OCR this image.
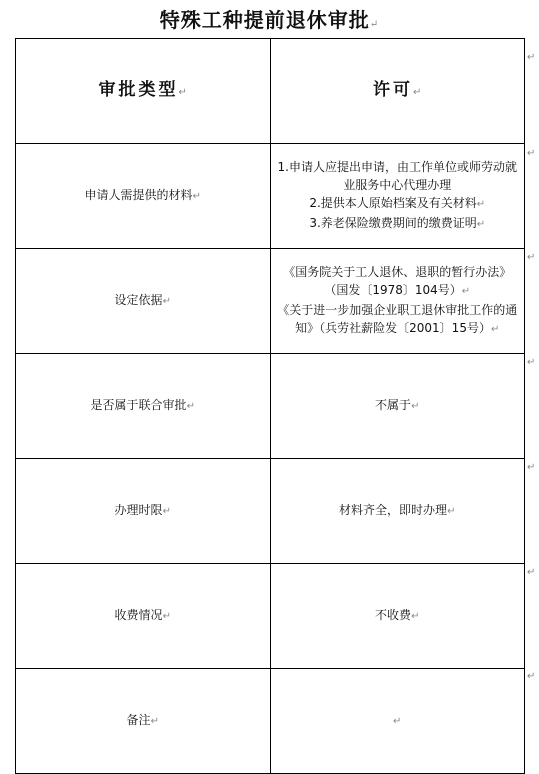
特殊工种提前退休审批↵
审批类型↵	许可↵
申请人需提供的材料↵	1.申请人应提出申请，由工作单位或师劳动就业服务中心代理办理
2.提供本人原始档案及有关材料↵
3.养老保险缴费期间的缴费证明↵

设定依据↵	《国务院关于工人退休、退职的暂行办法》（国发〔1978〕104号）↵
《关于进一步加强企业职工退休审批工作的通知》（兵劳社薪险发〔2001〕15号）↵

是否属于联合审批↵	不属于↵
办理时限↵	材料齐全，即时办理↵
收费情况↵	不收费↵
备注↵	↵
↵
↵
↵
↵
↵
↵
↵
